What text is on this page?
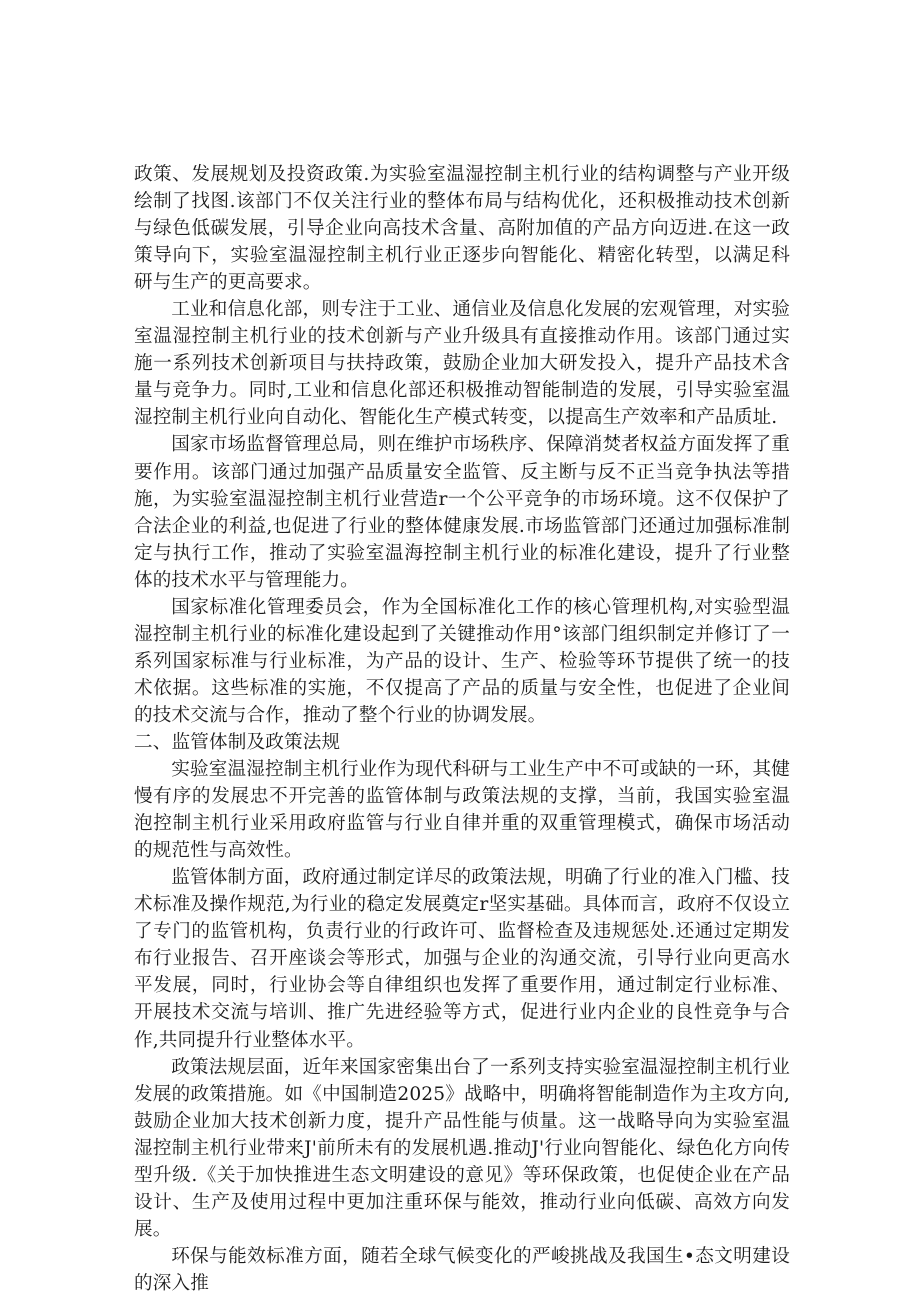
政策、发展规划及投资政策.为实验室温湿控制主机行业的结构调整与产业开级绘制了找图.该部门不仅关注行业的整体布局与结构优化，还积极推动技术创新与绿色低碳发展，引导企业向高技术含量、高附加值的产品方向迈进.在这一政策导向下，实验室温湿控制主机行业正逐步向智能化、精密化转型，以满足科研与生产的更高要求。

工业和信息化部，则专注于工业、通信业及信息化发展的宏观管理，对实验室温湿控制主机行业的技术创新与产业升级具有直接推动作用。该部门通过实施一系列技术创新项目与扶持政策，鼓励企业加大研发投入，提升产品技术含量与竞争力。同时,工业和信息化部还积极推动智能制造的发展，引导实验室温湿控制主机行业向自动化、智能化生产模式转变，以提高生产效率和产品质址.

国家市场监督管理总局，则在维护市场秩序、保障消焚者权益方面发挥了重要作用。该部门通过加强产品质量安全监管、反主断与反不正当竞争执法等措施，为实验室温湿控制主机行业营造r一个公平竞争的市场环境。这不仅保护了合法企业的利益,也促进了行业的整体健康发展.市场监管部门还通过加强标准制定与执行工作，推动了实验室温海控制主机行业的标准化建设，提升了行业整体的技术水平与管理能力。

国家标准化管理委员会，作为全国标准化工作的核心管理机构,对实验型温湿控制主机行业的标准化建设起到了关键推动作用°该部门组织制定并修订了一系列国家标准与行业标准，为产品的设计、生产、检验等环节提供了统一的技术依据。这些标准的实施，不仅提高了产品的质量与安全性，也促进了企业间的技术交流与合作，推动了整个行业的协调发展。

二、监管体制及政策法规

实验室温湿控制主机行业作为现代科研与工业生产中不可或缺的一环，其健慢有序的发展忠不开完善的监管体制与政策法规的支撑，当前，我国实验室温泡控制主机行业采用政府监管与行业自律并重的双重管理模式，确保市场活动的规范性与高效性。

监管体制方面，政府通过制定详尽的政策法规，明确了行业的准入门槛、技术标准及操作规范,为行业的稳定发展奠定r坚实基础。具体而言，政府不仅设立了专门的监管机构，负责行业的行政许可、监督检查及违规惩处.还通过定期发布行业报告、召开座谈会等形式，加强与企业的沟通交流，引导行业向更高水平发展，同时，行业协会等自律组织也发挥了重要作用，通过制定行业标准、开展技术交流与培训、推广先进经验等方式，促进行业内企业的良性竞争与合作,共同提升行业整体水平。

政策法规层面，近年来国家密集出台了一系列支持实验室温湿控制主机行业发展的政策措施。如《中国制造2025》战略中，明确将智能制造作为主攻方向,鼓励企业加大技术创新力度，提升产品性能与侦量。这一战略导向为实验室温湿控制主机行业带来J'前所未有的发展机遇.推动J'行业向智能化、绿色化方向传型升级.《关于加快推进生态文明建设的意见》等环保政策，也促使企业在产品设计、生产及使用过程中更加注重环保与能效，推动行业向低碳、高效方向发展。

环保与能效标准方面，随若全球气候变化的严峻挑战及我国生•态文明建设的深入推
